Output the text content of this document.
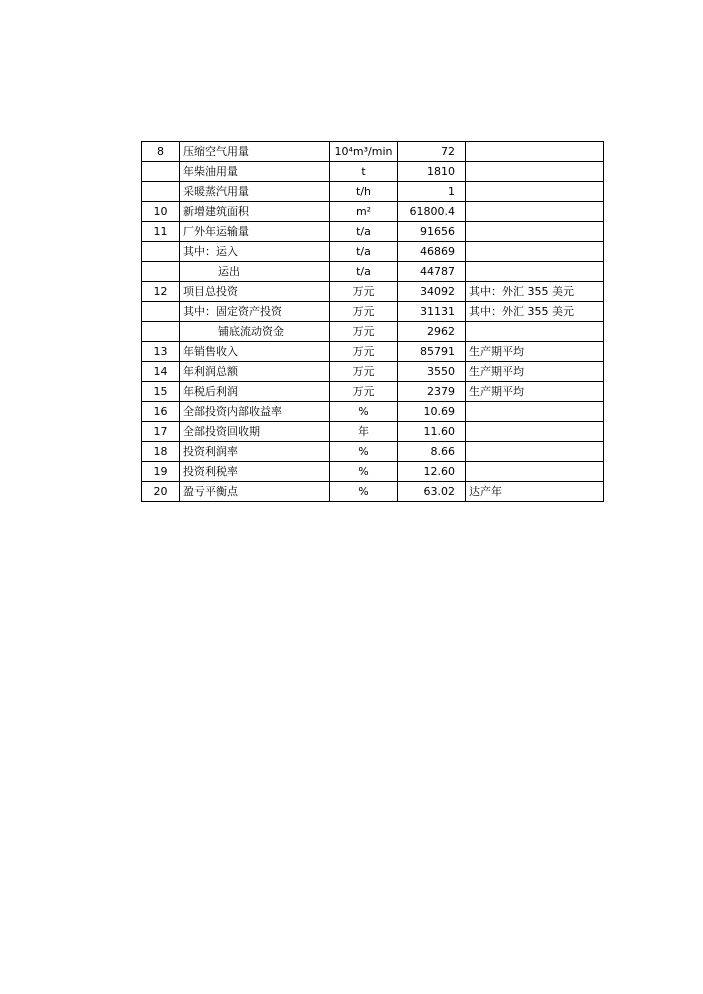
8	压缩空气用量	10⁴m³/min	72	
	年柴油用量	t	1810	
	采暖蒸汽用量	t/h	1	
10	新增建筑面积	m²	61800.4	
11	厂外年运输量	t/a	91656	
	其中：运入	t/a	46869	
	运出	t/a	44787	
12	项目总投资	万元	34092	其中：外汇 355 美元
	其中：固定资产投资	万元	31131	其中：外汇 355 美元
	铺底流动资金	万元	2962	
13	年销售收入	万元	85791	生产期平均
14	年利润总额	万元	3550	生产期平均
15	年税后利润	万元	2379	生产期平均
16	全部投资内部收益率	%	10.69	
17	全部投资回收期	年	11.60	
18	投资利润率	%	8.66	
19	投资利税率	%	12.60	
20	盈亏平衡点	%	63.02	达产年
